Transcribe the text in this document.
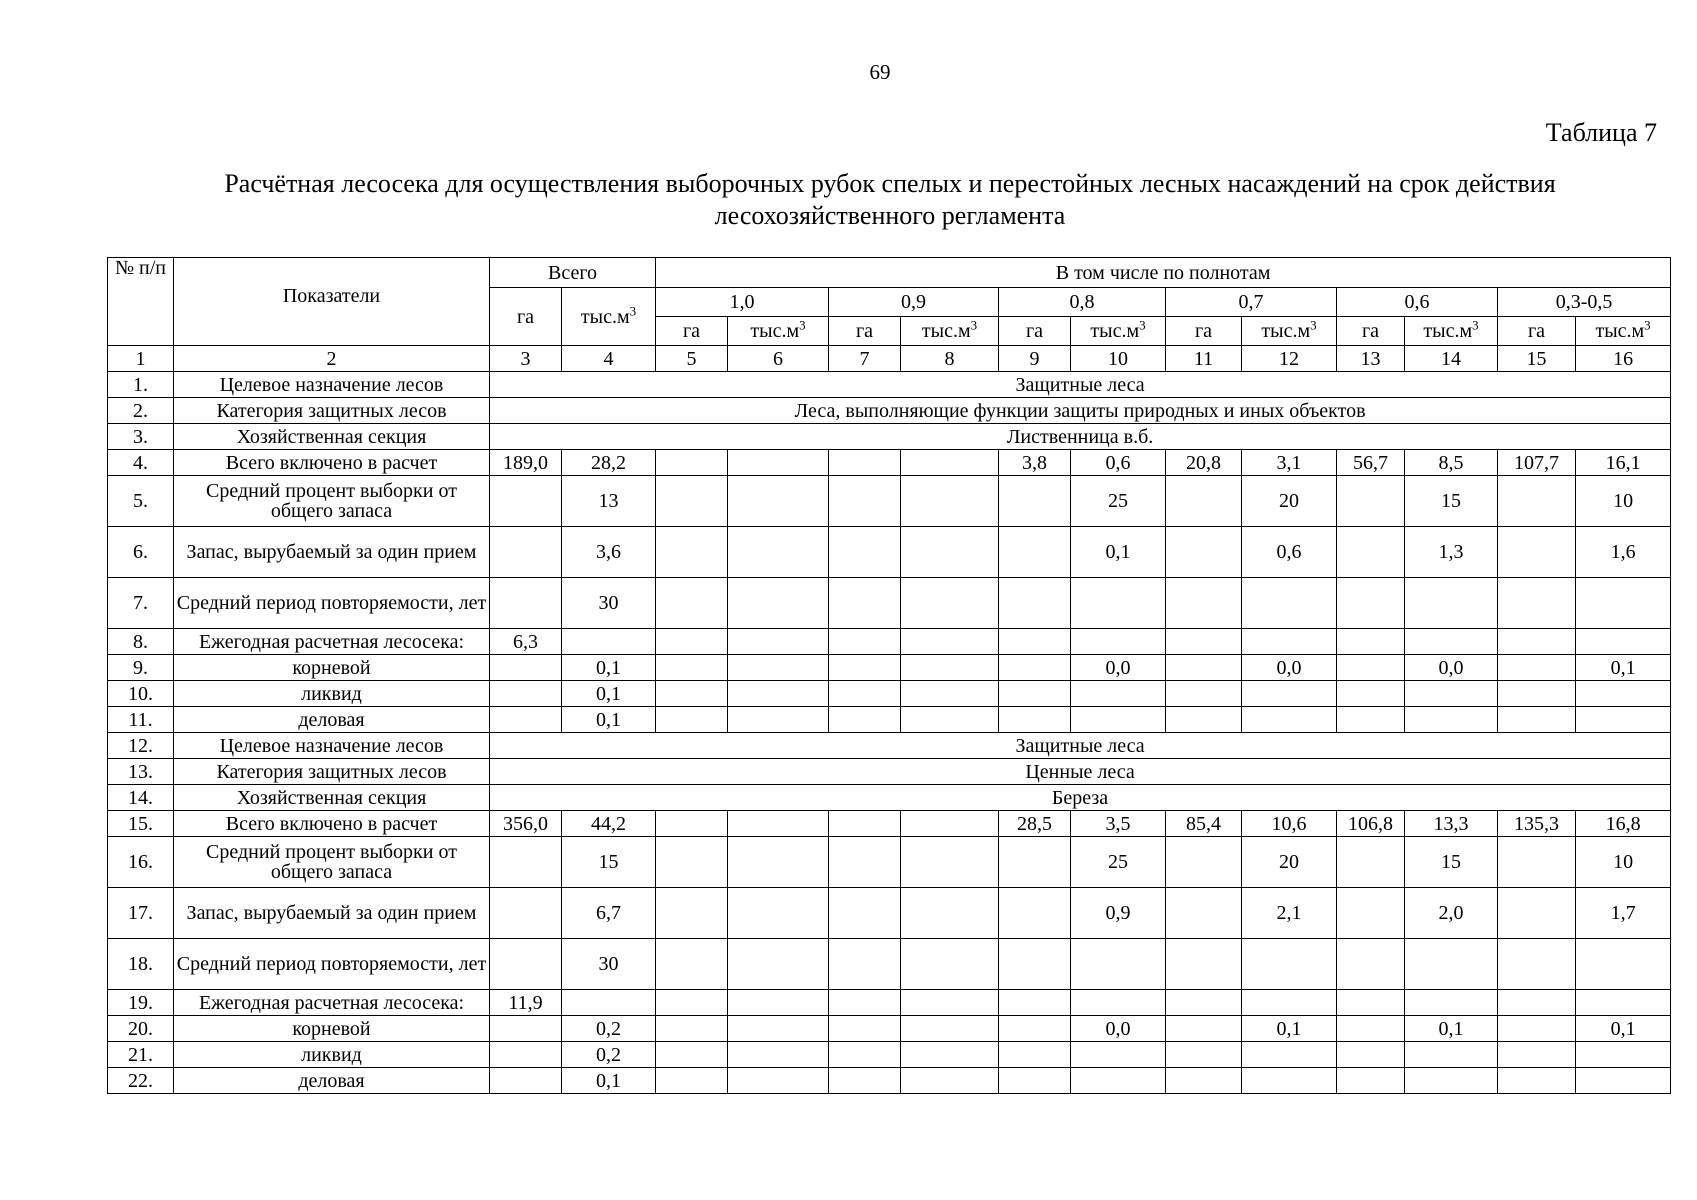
69
Таблица 7
Расчётная лесосека для осуществления выборочных рубок спелых и перестойных лесных насаждений на срок действия лесохозяйственного регламента
№ п/п	Показатели	Всего		В том числе по полнотам											
		га	$тыс.м^3$	1,0		0,9		0,8		0,7		0,6		0,3-0,5	
				га	$тыс.м^3$	га	$тыс.м^3$	га	$тыс.м^3$	га	$тыс.м^3$	га	$тыс.м^3$	га	$тыс.м^3$
1	2	3	4	5	6	7	8	9	10	11	12	13	14	15	16
1.	Целевое назначение лесов	Защитные леса													
2.	Категория защитных лесов	Леса, выполняющие функции защиты природных и иных объектов													
3.	Хозяйственная секция	Лиственница в.б.													
4.	Всего включено в расчет	189,0	28,2					3,8	0,6	20,8	3,1	56,7	8,5	107,7	16,1
5.	Средний процент выборки от общего запаса		13						25		20		15		10
6.	Запас, вырубаемый за один прием		3,6						0,1		0,6		1,3		1,6
7.	Средний период повторяемости, лет		30												
8.	Ежегодная расчетная лесосека:	6,3													
9.	корневой		0,1						0,0		0,0		0,0		0,1
10.	ликвид		0,1												
11.	деловая		0,1												
12.	Целевое назначение лесов	Защитные леса													
13.	Категория защитных лесов	Ценные леса													
14.	Хозяйственная секция	Береза													
15.	Всего включено в расчет	356,0	44,2					28,5	3,5	85,4	10,6	106,8	13,3	135,3	16,8
16.	Средний процент выборки от общего запаса		15						25		20		15		10
17.	Запас, вырубаемый за один прием		6,7						0,9		2,1		2,0		1,7
18.	Средний период повторяемости, лет		30												
19.	Ежегодная расчетная лесосека:	11,9													
20.	корневой		0,2						0,0		0,1		0,1		0,1
21.	ликвид		0,2												
22.	деловая		0,1												
